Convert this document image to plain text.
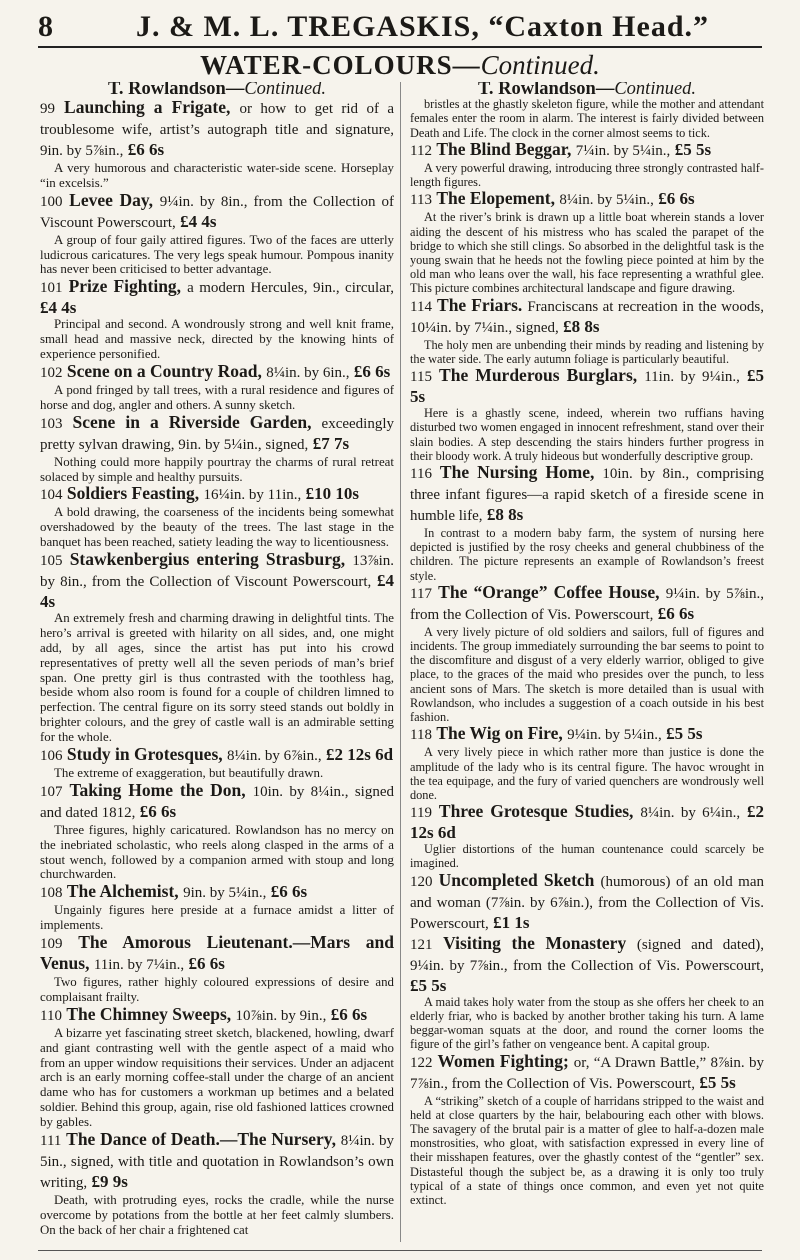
8	J. & M. L. TREGASKIS, “Caxton Head.”
WATER-COLOURS—Continued.
T. Rowlandson—Continued.
99 Launching a Frigate, or how to get rid of a troublesome wife, artist’s autograph title and signature, 9in. by 5⅞in., £6 6s

A very humorous and characteristic water-side scene. Horseplay “in excelsis.”

100 Levee Day, 9¼in. by 8in., from the Collection of Viscount Powerscourt, £4 4s

A group of four gaily attired figures. Two of the faces are utterly ludicrous caricatures. The very legs speak humour. Pompous inanity has never been criticised to better advantage.

101 Prize Fighting, a modern Hercules, 9in., circular, £4 4s

Principal and second. A wondrously strong and well knit frame, small head and massive neck, directed by the knowing hints of experience personified.

102 Scene on a Country Road, 8¼in. by 6in., £6 6s

A pond fringed by tall trees, with a rural residence and figures of horse and dog, angler and others. A sunny sketch.

103 Scene in a Riverside Garden, exceedingly pretty sylvan drawing, 9in. by 5¼in., signed, £7 7s

Nothing could more happily pourtray the charms of rural retreat solaced by simple and healthy pursuits.

104 Soldiers Feasting, 16¼in. by 11in., £10 10s

A bold drawing, the coarseness of the incidents being somewhat overshadowed by the beauty of the trees. The last stage in the banquet has been reached, satiety leading the way to licentiousness.

105 Stawkenbergius entering Strasburg, 13⅞in. by 8in., from the Collection of Viscount Powerscourt, £4 4s

An extremely fresh and charming drawing in delightful tints. The hero’s arrival is greeted with hilarity on all sides, and, one might add, by all ages, since the artist has put into his crowd representatives of pretty well all the seven periods of man’s brief span. One pretty girl is thus contrasted with the toothless hag, beside whom also room is found for a couple of children limned to perfection. The central figure on its sorry steed stands out boldly in brighter colours, and the grey of castle wall is an admirable setting for the whole.

106 Study in Grotesques, 8¼in. by 6⅞in., £2 12s 6d

The extreme of exaggeration, but beautifully drawn.

107 Taking Home the Don, 10in. by 8¼in., signed and dated 1812, £6 6s

Three figures, highly caricatured. Rowlandson has no mercy on the inebriated scholastic, who reels along clasped in the arms of a stout wench, followed by a companion armed with stoup and long churchwarden.

108 The Alchemist, 9in. by 5¼in., £6 6s

Ungainly figures here preside at a furnace amidst a litter of implements.

109 The Amorous Lieutenant.—Mars and Venus, 11in. by 7¼in., £6 6s

Two figures, rather highly coloured expressions of desire and complaisant frailty.

110 The Chimney Sweeps, 10⅞in. by 9in., £6 6s

A bizarre yet fascinating street sketch, blackened, howling, dwarf and giant contrasting well with the gentle aspect of a maid who from an upper window requisitions their services. Under an adjacent arch is an early morning coffee-stall under the charge of an ancient dame who has for customers a workman up betimes and a belated soldier. Behind this group, again, rise old fashioned lattices crowned by gables.

111 The Dance of Death.—The Nursery, 8¼in. by 5in., signed, with title and quotation in Rowlandson’s own writing, £9 9s

Death, with protruding eyes, rocks the cradle, while the nurse overcome by potations from the bottle at her feet calmly slumbers. On the back of her chair a frightened cat

T. Rowlandson—Continued.

bristles at the ghastly skeleton figure, while the mother and attendant females enter the room in alarm. The interest is fairly divided between Death and Life. The clock in the corner almost seems to tick.

112 The Blind Beggar, 7¼in. by 5¼in., £5 5s

A very powerful drawing, introducing three strongly contrasted half-length figures.

113 The Elopement, 8¼in. by 5¼in., £6 6s

At the river’s brink is drawn up a little boat wherein stands a lover aiding the descent of his mistress who has scaled the parapet of the bridge to which she still clings. So absorbed in the delightful task is the young swain that he heeds not the fowling piece pointed at him by the old man who leans over the wall, his face representing a wrathful glee. This picture combines architectural landscape and figure drawing.

114 The Friars. Franciscans at recreation in the woods, 10¼in. by 7¼in., signed, £8 8s

The holy men are unbending their minds by reading and listening by the water side. The early autumn foliage is particularly beautiful.

115 The Murderous Burglars, 11in. by 9¼in., £5 5s

Here is a ghastly scene, indeed, wherein two ruffians having disturbed two women engaged in innocent refreshment, stand over their slain bodies. A step descending the stairs hinders further progress in their bloody work. A truly hideous but wonderfully descriptive group.

116 The Nursing Home, 10in. by 8in., comprising three infant figures—a rapid sketch of a fireside scene in humble life, £8 8s

In contrast to a modern baby farm, the system of nursing here depicted is justified by the rosy cheeks and general chubbiness of the children. The picture represents an example of Rowlandson’s freest style.

117 The “Orange” Coffee House, 9¼in. by 5⅞in., from the Collection of Vis. Powerscourt, £6 6s

A very lively picture of old soldiers and sailors, full of figures and incidents. The group immediately surrounding the bar seems to point to the discomfiture and disgust of a very elderly warrior, obliged to give place, to the graces of the maid who presides over the punch, to less ancient sons of Mars. The sketch is more detailed than is usual with Rowlandson, who includes a suggestion of a coach outside in his best fashion.

118 The Wig on Fire, 9¼in. by 5¼in., £5 5s

A very lively piece in which rather more than justice is done the amplitude of the lady who is its central figure. The havoc wrought in the tea equipage, and the fury of varied quenchers are wondrously well done.

119 Three Grotesque Studies, 8¼in. by 6¼in., £2 12s 6d

Uglier distortions of the human countenance could scarcely be imagined.

120 Uncompleted Sketch (humorous) of an old man and woman (7⅞in. by 6⅞in.), from the Collection of Vis. Powerscourt, £1 1s
121 Visiting the Monastery (signed and dated), 9¼in. by 7⅞in., from the Collection of Vis. Powerscourt, £5 5s

A maid takes holy water from the stoup as she offers her cheek to an elderly friar, who is backed by another brother taking his turn. A lame beggar-woman squats at the door, and round the corner looms the figure of the girl’s father on vengeance bent. A capital group.

122 Women Fighting; or, “A Drawn Battle,” 8⅞in. by 7⅞in., from the Collection of Vis. Powerscourt, £5 5s

A “striking” sketch of a couple of harridans stripped to the waist and held at close quarters by the hair, belabouring each other with blows. The savagery of the brutal pair is a matter of glee to half-a-dozen male monstrosities, who gloat, with satisfaction expressed in every line of their misshapen features, over the ghastly contest of the “gentler” sex. Distasteful though the subject be, as a drawing it is only too truly typical of a state of things once common, and even yet not quite extinct.
